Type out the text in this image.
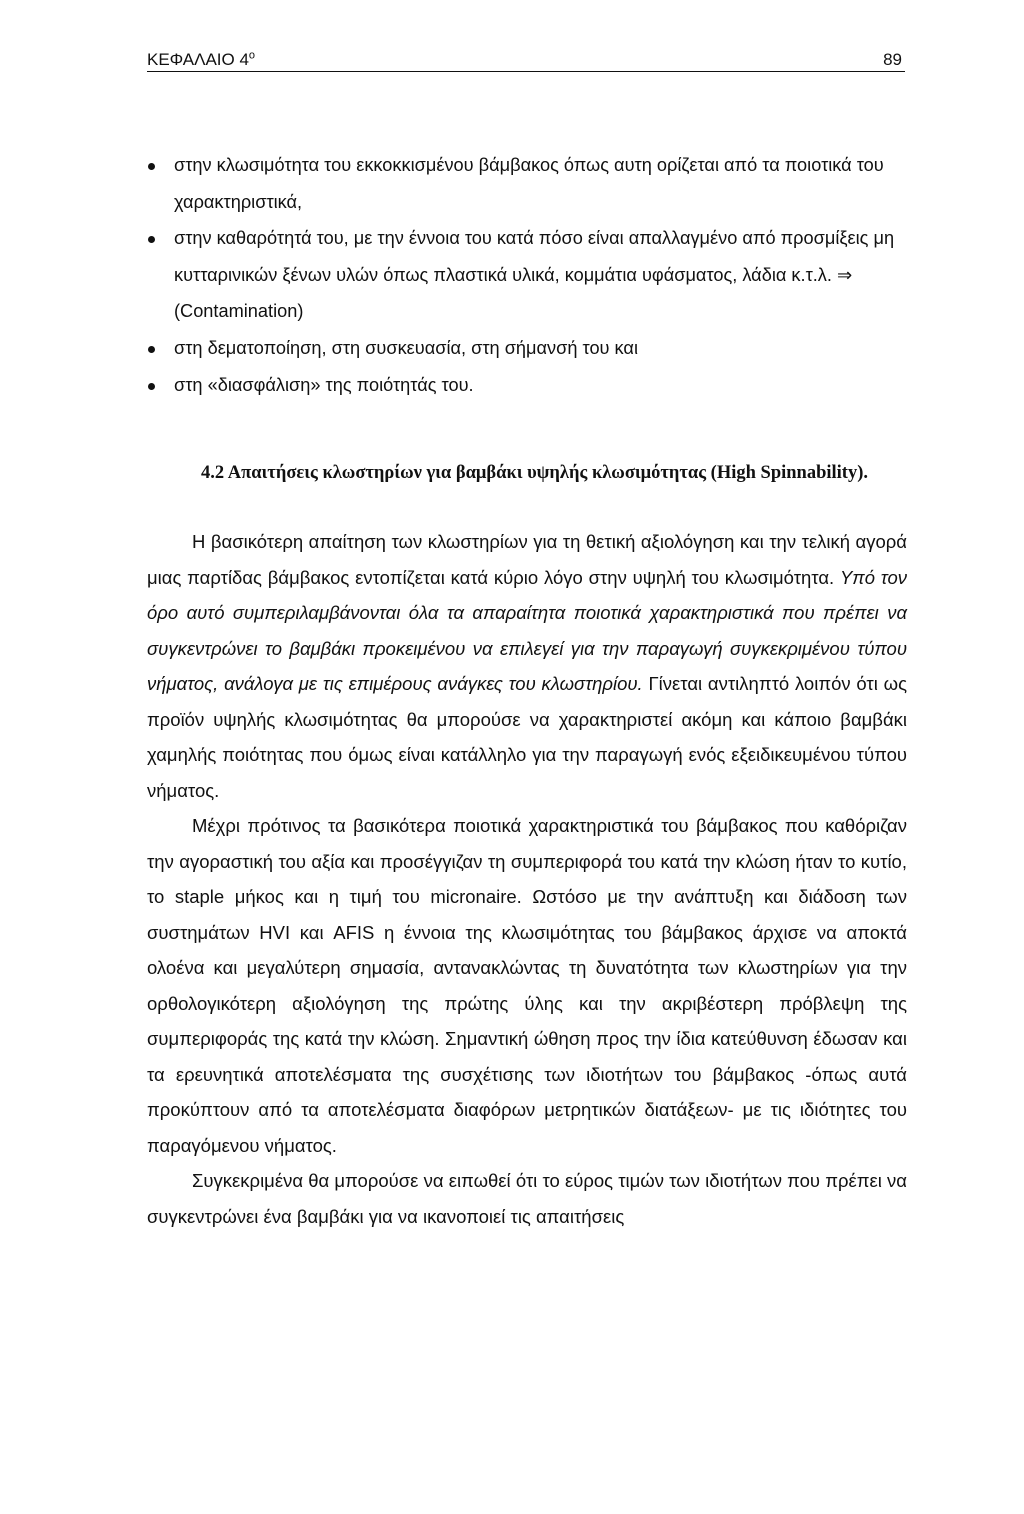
ΚΕΦΑΛΑΙΟ $4^o$	89

στην κλωσιμότητα του εκκοκκισμένου βάμβακος όπως αυτη ορίζεται από τα ποιοτικά του χαρακτηριστικά,
στην καθαρότητά του, με την έννοια του κατά πόσο είναι απαλλαγμένο από προσμίξεις μη κυτταρινικών ξένων υλών όπως πλαστικά υλικά, κομμάτια υφάσματος, λάδια κ.τ.λ. ⇒ (Contamination)
στη δεματοποίηση, στη συσκευασία, στη σήμανσή του και
στη «διασφάλιση» της ποιότητάς του.
4.2 Απαιτήσεις κλωστηρίων για βαμβάκι υψηλής κλωσιμότητας (High Spinnability).

Η βασικότερη απαίτηση των κλωστηρίων για τη θετική αξιολόγηση και την τελική αγορά μιας παρτίδας βάμβακος εντοπίζεται κατά κύριο λόγο στην υψηλή του κλωσιμότητα. Υπό τον όρο αυτό συμπεριλαμβάνονται όλα τα απαραίτητα ποιοτικά χαρακτηριστικά που πρέπει να συγκεντρώνει το βαμβάκι προκειμένου να επιλεγεί για την παραγωγή συγκεκριμένου τύπου νήματος, ανάλογα με τις επιμέρους ανάγκες του κλωστηρίου. Γίνεται αντιληπτό λοιπόν ότι ως προϊόν υψηλής κλωσιμότητας θα μπορούσε να χαρακτηριστεί ακόμη και κάποιο βαμβάκι χαμηλής ποιότητας που όμως είναι κατάλληλο για την παραγωγή ενός εξειδικευμένου τύπου νήματος.

Μέχρι πρότινος τα βασικότερα ποιοτικά χαρακτηριστικά του βάμβακος που καθόριζαν την αγοραστική του αξία και προσέγγιζαν τη συμπεριφορά του κατά την κλώση ήταν το κυτίο, το staple μήκος και η τιμή του micronaire. Ωστόσο με την ανάπτυξη και διάδοση των συστημάτων HVI και AFIS η έννοια της κλωσιμότητας του βάμβακος άρχισε να αποκτά ολοένα και μεγαλύτερη σημασία, αντανακλώντας τη δυνατότητα των κλωστηρίων για την ορθολογικότερη αξιολόγηση της πρώτης ύλης και την ακριβέστερη πρόβλεψη της συμπεριφοράς της κατά την κλώση. Σημαντική ώθηση προς την ίδια κατεύθυνση έδωσαν και τα ερευνητικά αποτελέσματα της συσχέτισης των ιδιοτήτων του βάμβακος -όπως αυτά προκύπτουν από τα αποτελέσματα διαφόρων μετρητικών διατάξεων- με τις ιδιότητες του παραγόμενου νήματος.

Συγκεκριμένα θα μπορούσε να ειπωθεί ότι το εύρος τιμών των ιδιοτήτων που πρέπει να συγκεντρώνει ένα βαμβάκι για να ικανοποιεί τις απαιτήσεις
